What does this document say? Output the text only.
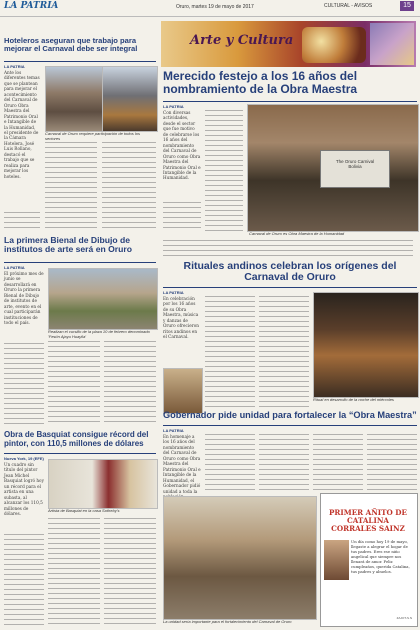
LA PATRIA	Oruro, martes 19 de mayo de 2017	CULTURAL - AVISOS	15
Hoteleros aseguran que trabajo para mejorar el Carnaval debe ser integral
LA PATRIA
Ante los diferentes temas que se plantean para mejorar el acontecimiento del Carnaval de Oruro Obra Maestra del Patrimonio Oral e Intangible de la Humanidad, el presidente de la Cámara Hotelera, José Luis Rollano, destacó el trabajo que se realiza para mejorar los hoteles.
Carnaval de Oruro requiere participación de todos los sectores
Arte y Cultura
Merecido festejo a los 16 años del nombramiento de la Obra Maestra
LA PATRIA
Con diversas actividades, desde el sector que fue motivo de celebrarse los 16 años del nombramiento del Carnaval de Oruro como Obra Maestra del Patrimonio Oral e Intangible de la Humanidad.
The Oruro Carnival
Bolivia
Carnaval de Oruro es Obra Maestra de la Humanidad
La primera Bienal de Dibujo de institutos de arte será en Oruro
LA PATRIA
El próximo mes de junio se desarrollará en Oruro la primera Bienal de Dibujo de institutos de arte, evento en el cual participarán instituciones de todo el país.
Realizan el cursillo de la plaza 10 de febrero denominado 'Festín Ajayu Huaylla'
Rituales andinos celebran los orígenes del Carnaval de Oruro
LA PATRIA
En celebración por los 16 años de su Obra Maestra, música y danzas de Oruro ofrecieron ritos andinos en el Carnaval.
Ritual en desarrollo de la noche del miércoles
Obra de Basquiat consigue récord del pintor, con 110,5 millones de dólares
Nueva York, 19 (EFE)
Un cuadro sin título del pintor Jean Michel Basquiat logró hoy un récord para el artista en una subasta, al alcanzar los 110,5 millones de dólares.
Artista de Basquiat en la casa Sotheby's
Gobernador pide unidad para fortalecer la “Obra Maestra”
LA PATRIA
En homenaje a los 16 años del nombramiento del Carnaval de Oruro como Obra Maestra del Patrimonio Oral e Intangible de la Humanidad, el Gobernador pidió unidad a toda la
La unidad sería importante para el fortalecimiento del Carnaval de Oruro
PRIMER AÑITO DE CATALINA CORRALES SAINZ
Un día como hoy 19 de mayo, llegaste a alegrar el hogar de tus padres. Eres ese niño angelical que siempre nos llenará de amor. Feliz cumpleaños, querida Catalina, tus padres y abuelos.
ZAJOT-S.N
